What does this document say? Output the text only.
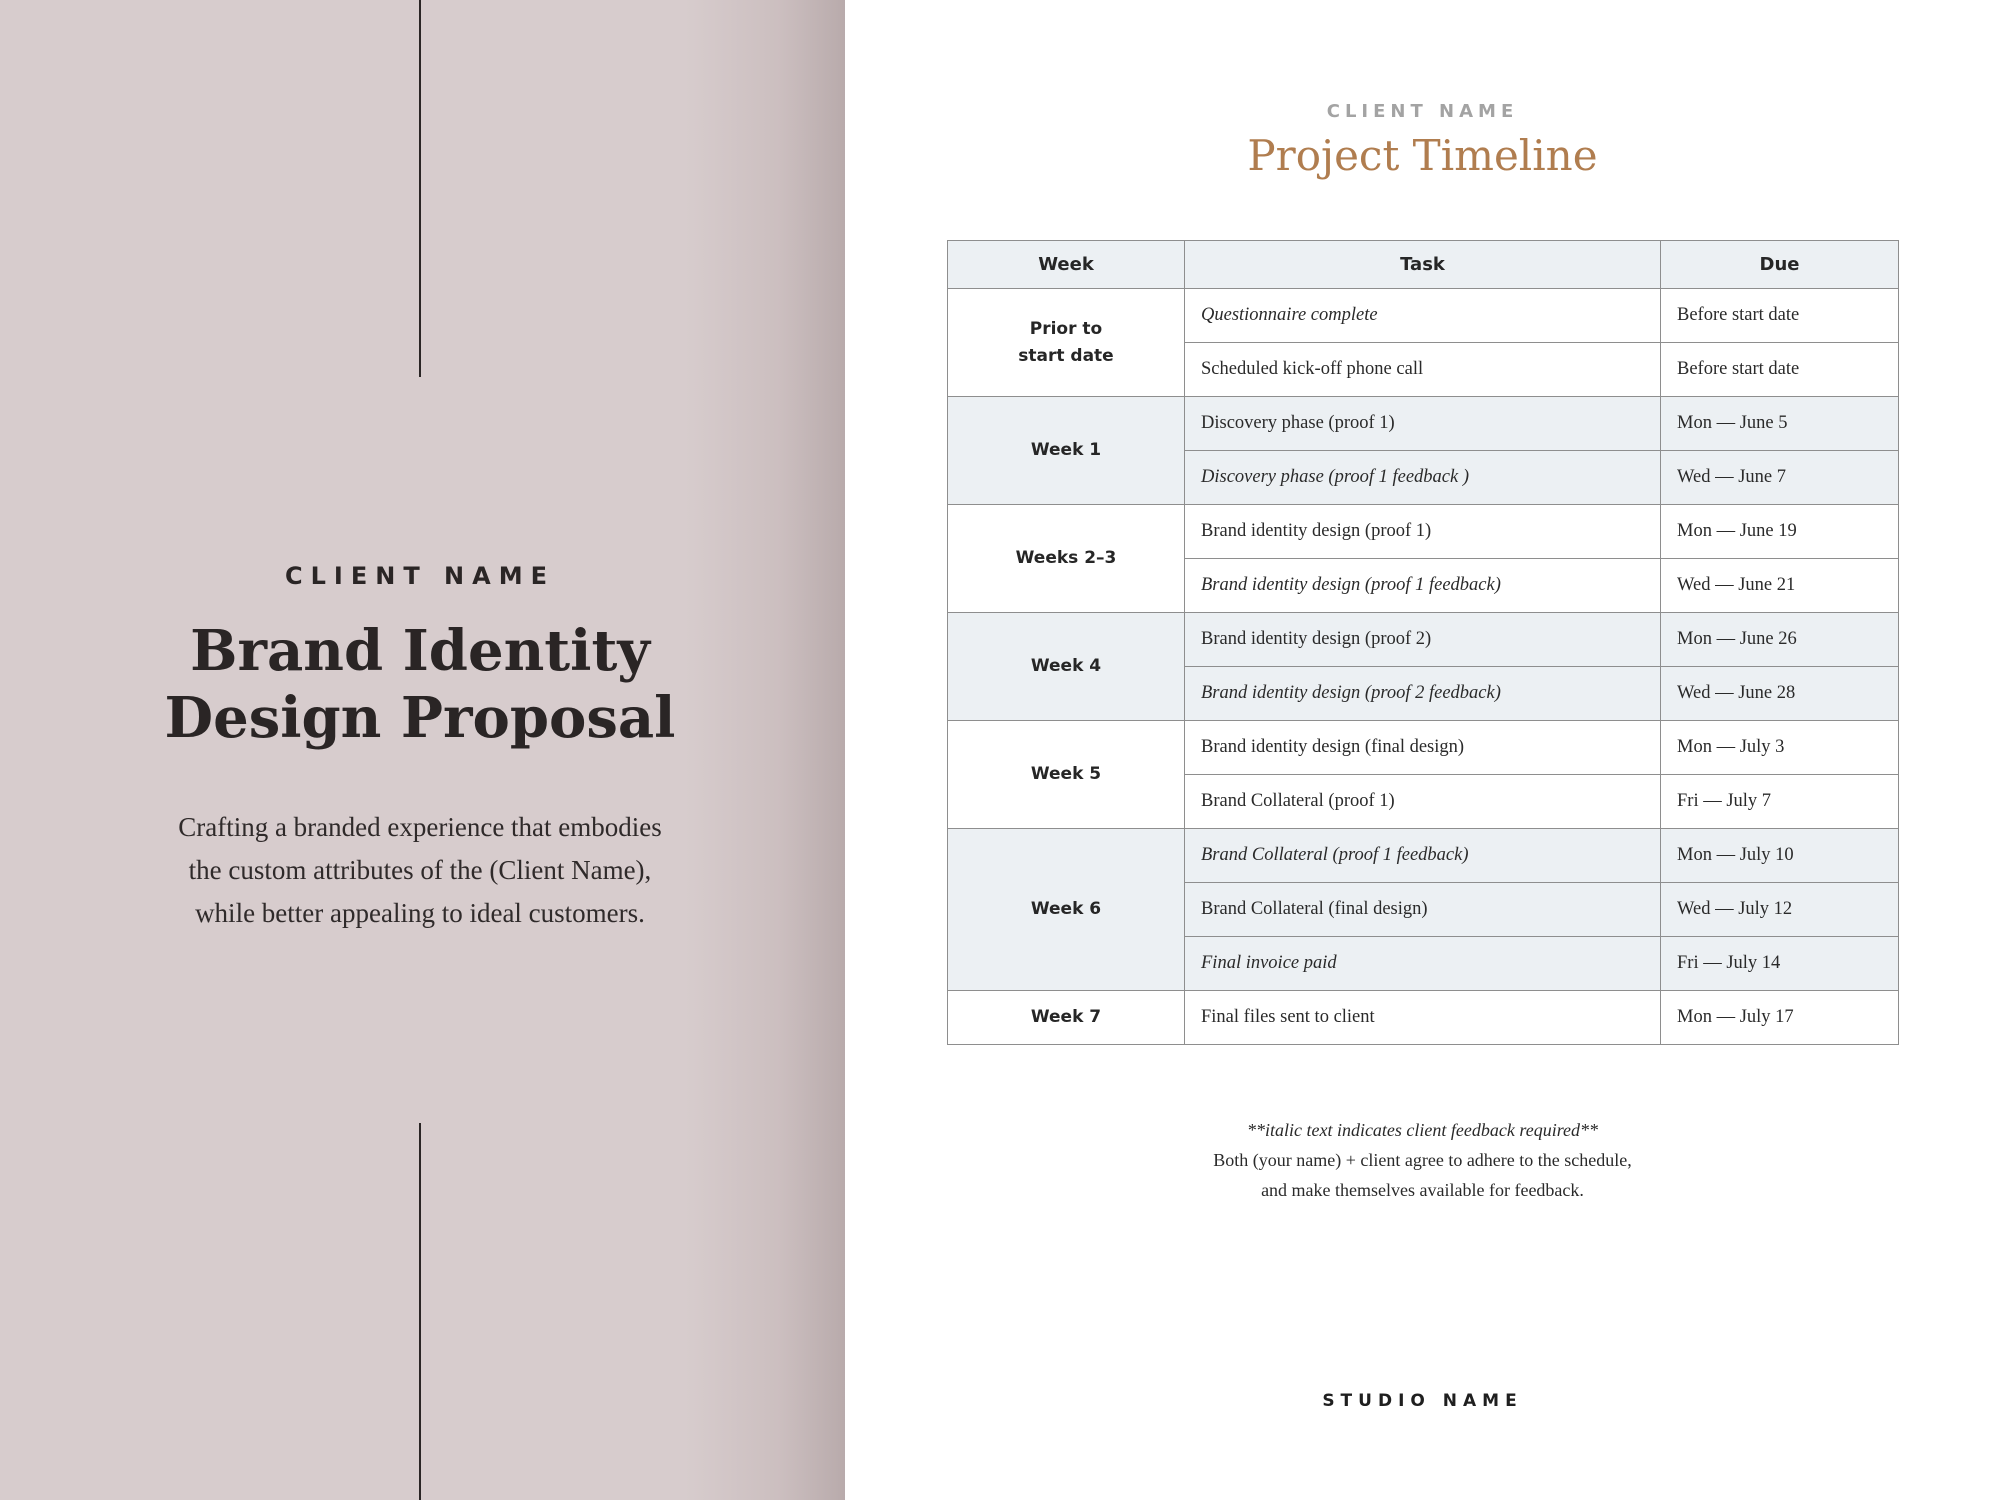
CLIENT NAME
Brand Identity
Design Proposal
Crafting a branded experience that embodies
the custom attributes of the (Client Name),
while better appealing to ideal customers.
CLIENT NAME
Project Timeline
Week	Task	Due
Prior to
start date	Questionnaire complete	Before start date
	Scheduled kick-off phone call	Before start date
Week 1	Discovery phase (proof 1)	Mon — June 5
	Discovery phase (proof 1 feedback )	Wed — June 7
Weeks 2–3	Brand identity design (proof 1)	Mon — June 19
	Brand identity design (proof 1 feedback)	Wed — June 21
Week 4	Brand identity design (proof 2)	Mon — June 26
	Brand identity design (proof 2 feedback)	Wed — June 28
Week 5	Brand identity design (final design)	Mon — July 3
	Brand Collateral (proof 1)	Fri — July 7
Week 6	Brand Collateral (proof 1 feedback)	Mon — July 10
	Brand Collateral (final design)	Wed — July 12
	Final invoice paid	Fri — July 14
Week 7	Final files sent to client	Mon — July 17
**italic text indicates client feedback required**
Both (your name) + client agree to adhere to the schedule,
and make themselves available for feedback.
STUDIO NAME
